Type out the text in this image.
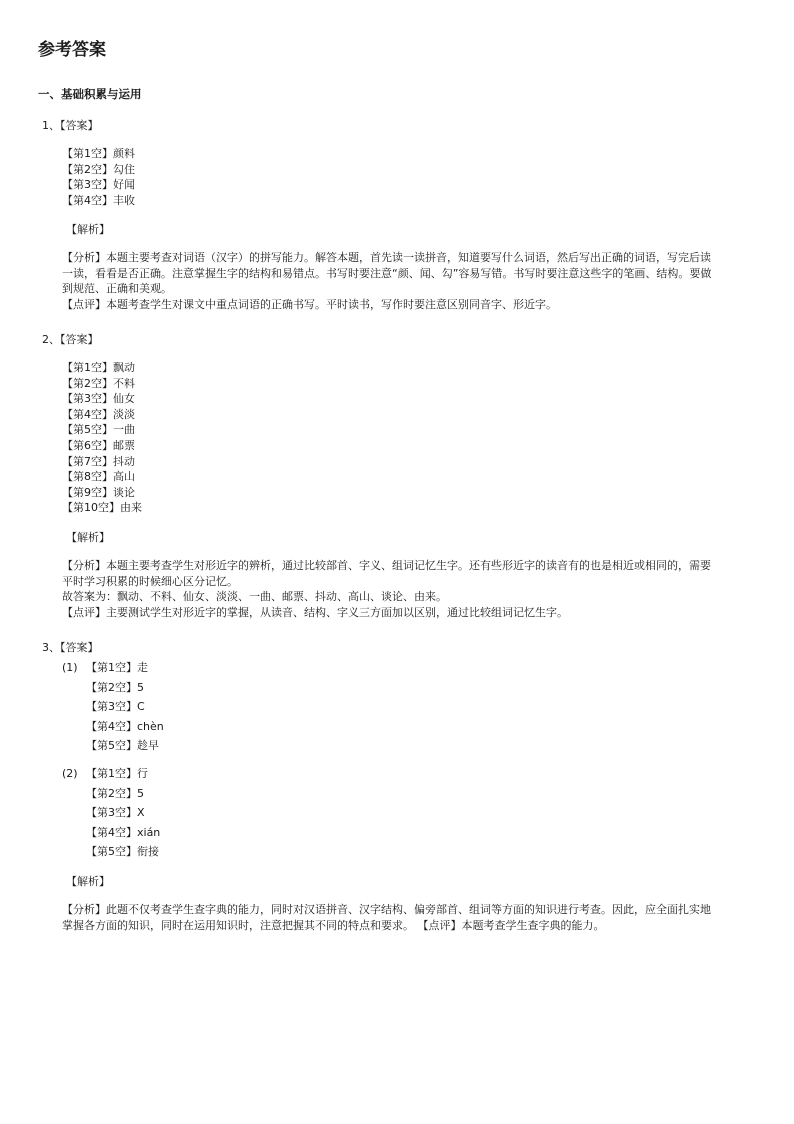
参考答案
一、基础积累与运用
1、【答案】
【第1空】颜料
【第2空】勾住
【第3空】好闻
【第4空】丰收
【解析】

【分析】本题主要考查对词语（汉字）的拼写能力。解答本题，首先读一读拼音，知道要写什么词语，然后写出正确的词语，写完后读一读，看看是否正确。注意掌握生字的结构和易错点。书写时要注意“颜、闻、勾”容易写错。书写时要注意这些字的笔画、结构。要做到规范、正确和美观。

【点评】本题考查学生对课文中重点词语的正确书写。平时读书，写作时要注意区别同音字、形近字。

2、【答案】
【第1空】飘动
【第2空】不料
【第3空】仙女
【第4空】淡淡
【第5空】一曲
【第6空】邮票
【第7空】抖动
【第8空】高山
【第9空】谈论
【第10空】由来
【解析】

【分析】本题主要考查学生对形近字的辨析，通过比较部首、字义、组词记忆生字。还有些形近字的读音有的也是相近或相同的，需要平时学习积累的时候细心区分记忆。

故答案为：飘动、不料、仙女、淡淡、一曲、邮票、抖动、高山、谈论、由来。

【点评】主要测试学生对形近字的掌握，从读音、结构、字义三方面加以区别，通过比较组词记忆生字。

3、【答案】
(1) 【第1空】走
【第2空】5
【第3空】C
【第4空】chèn
【第5空】趁早
(2) 【第1空】行
【第2空】5
【第3空】X
【第4空】xián
【第5空】衔接
【解析】

【分析】此题不仅考查学生查字典的能力，同时对汉语拼音、汉字结构、偏旁部首、组词等方面的知识进行考查。因此，应全面扎实地掌握各方面的知识，同时在运用知识时，注意把握其不同的特点和要求。 【点评】本题考查学生查字典的能力。
